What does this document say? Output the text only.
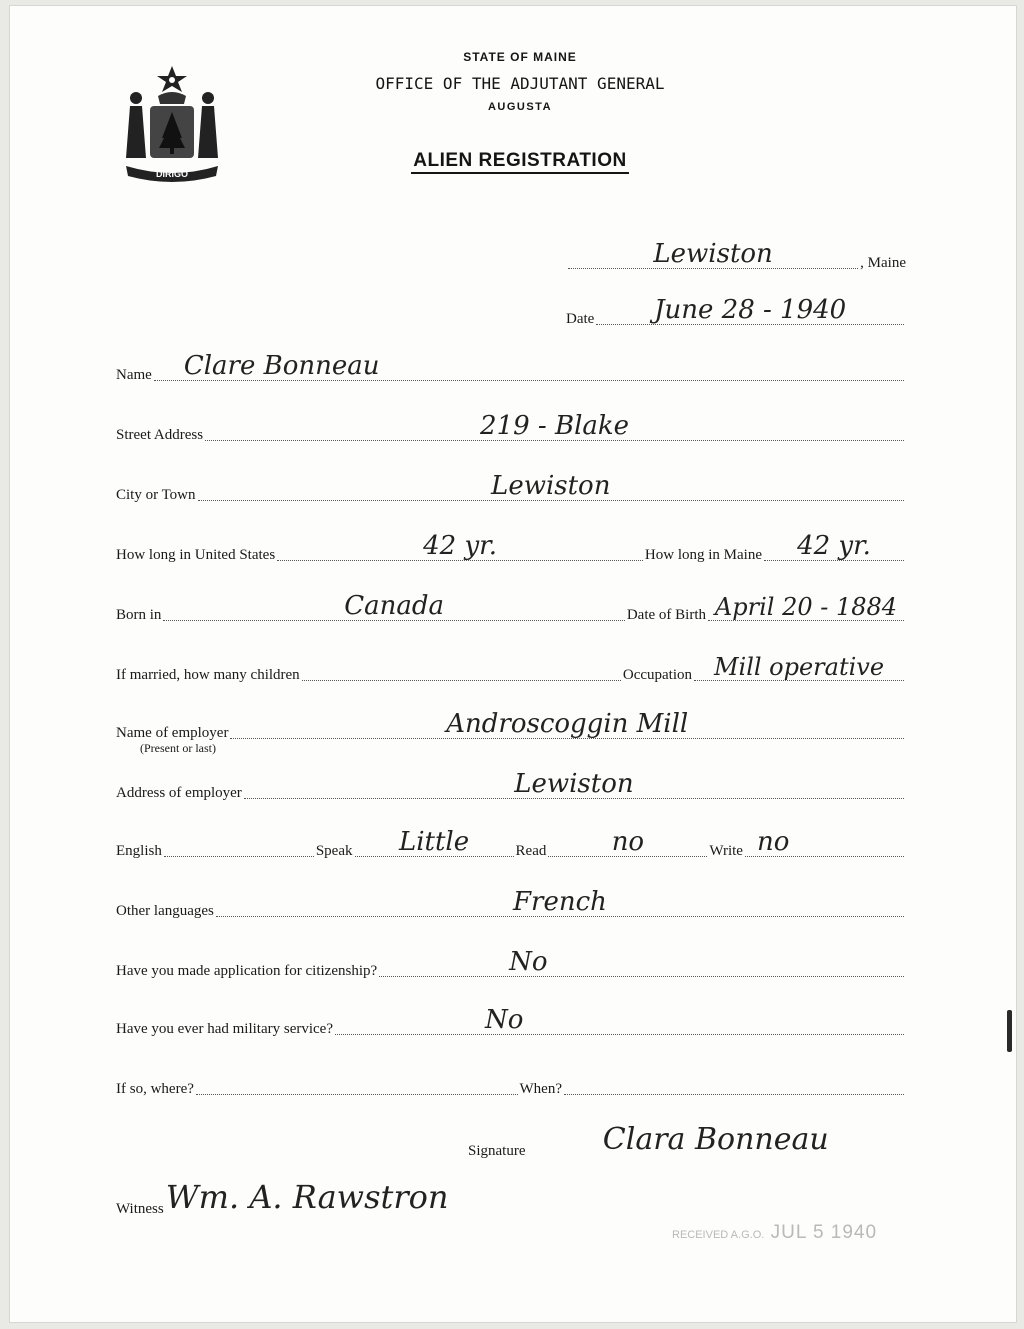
DIRIGO
STATE OF MAINE
OFFICE OF THE ADJUTANT GENERAL
AUGUSTA
ALIEN REGISTRATION
Lewiston	, Maine
Date	June 28 - 1940
Name Clare Bonneau
Street Address	219 - Blake
City or Town	Lewiston
How long in United States	42 yr.	How long in Maine	42 yr.
Born in	Canada	Date of Birth April 20 - 1884
If married, how many children	Occupation Mill operative
Name of employer	Androscoggin Mill
(Present or last)
Address of employer	Lewiston
English	Speak	Little	Read	no	Write no
Other languages	French
Have you made application for citizenship?	No
Have you ever had military service?	No
If so, where?	When?
Signature	Clara Bonneau
Witness Wm. A. Rawstron
RECEIVED A.G.O. JUL 5 1940
